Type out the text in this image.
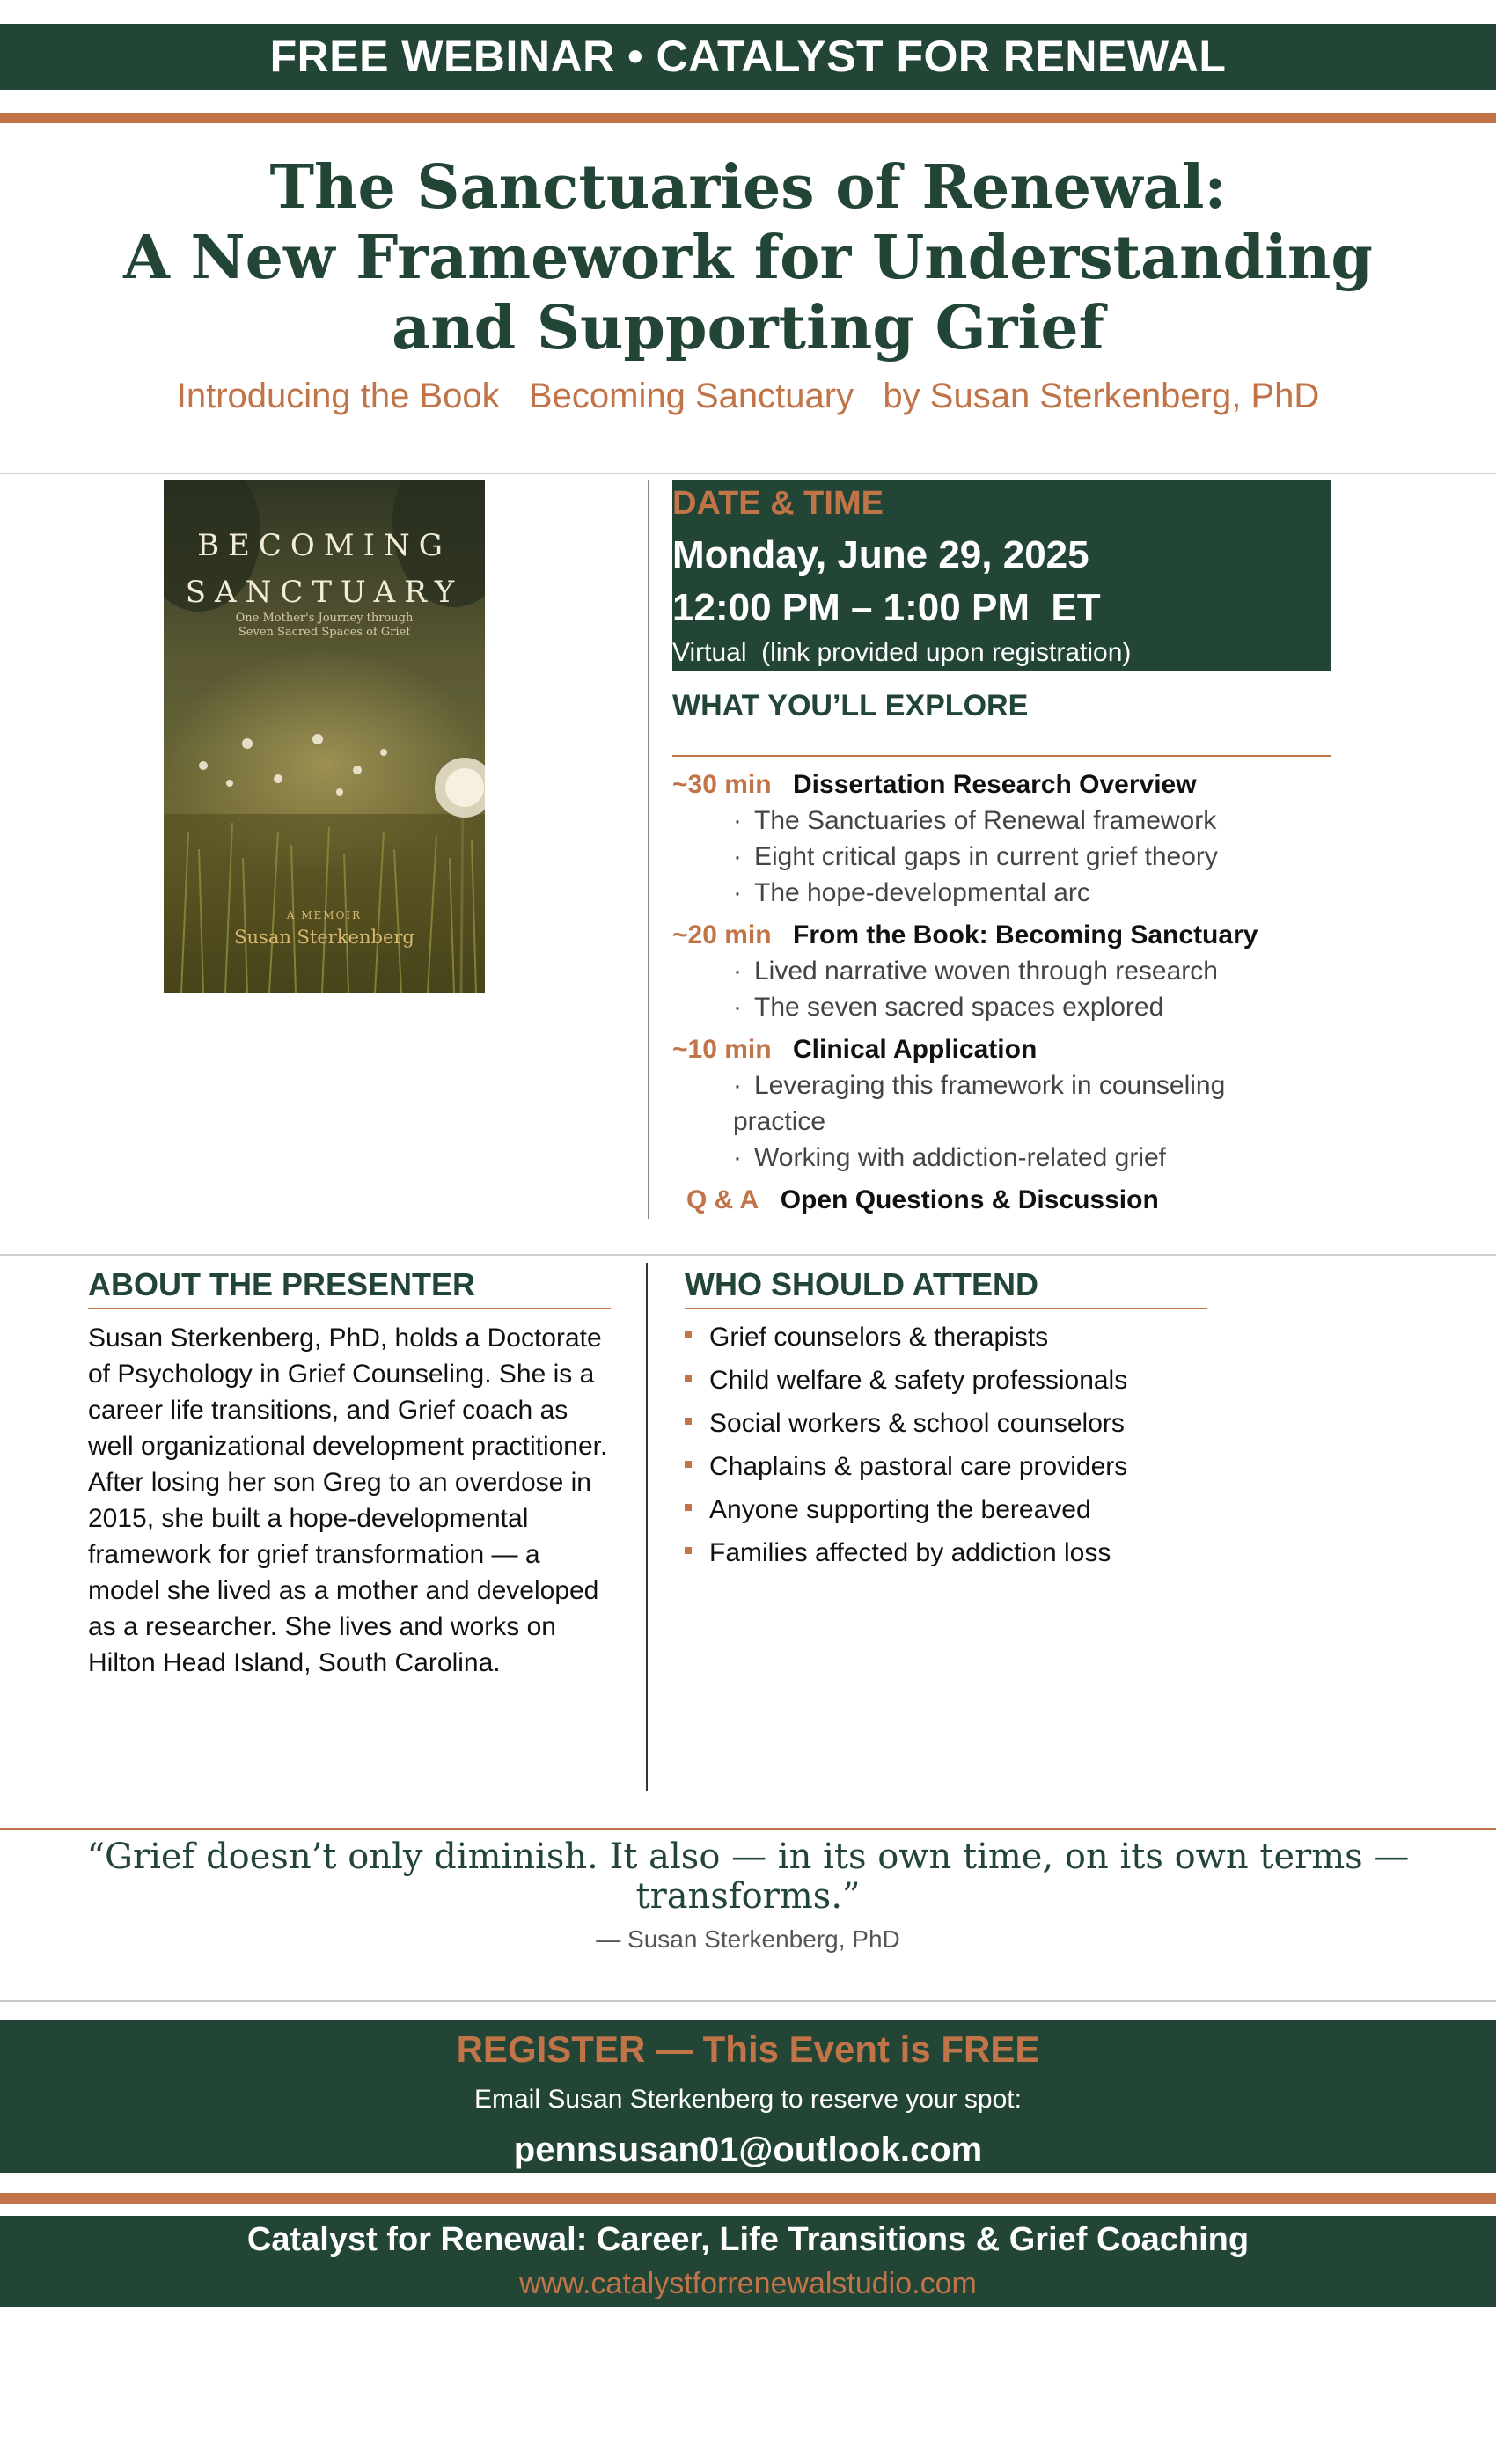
FREE WEBINAR • CATALYST FOR RENEWAL
The Sanctuaries of Renewal:
A New Framework for Understanding
and Supporting Grief
Introducing the Book   Becoming Sanctuary   by Susan Sterkenberg, PhD
BECOMING
SANCTUARY
One Mother's Journey through Seven Sacred Spaces of Grief
A MEMOIR
Susan Sterkenberg
DATE & TIME
Monday, June 29, 2025
12:00 PM – 1:00 PM  ET
Virtual  (link provided upon registration)
WHAT YOU’LL EXPLORE
~30 min Dissertation Research Overview
· The Sanctuaries of Renewal framework
· Eight critical gaps in current grief theory
· The hope-developmental arc
~20 min From the Book: Becoming Sanctuary
· Lived narrative woven through research
· The seven sacred spaces explored
~10 min Clinical Application
· Leveraging this framework in counseling practice
· Working with addiction-related grief
Q & A Open Questions & Discussion
ABOUT THE PRESENTER
Susan Sterkenberg, PhD, holds a Doctorate of Psychology in Grief Counseling. She is a career life transitions, and Grief coach as well organizational development practitioner. After losing her son Greg to an overdose in 2015, she built a hope-developmental framework for grief transformation — a model she lived as a mother and developed as a researcher. She lives and works on Hilton Head Island, South Carolina.
WHO SHOULD ATTEND
Grief counselors & therapists
Child welfare & safety professionals
Social workers & school counselors
Chaplains & pastoral care providers
Anyone supporting the bereaved
Families affected by addiction loss
“Grief doesn’t only diminish. It also — in its own time, on its own terms — transforms.”
— Susan Sterkenberg, PhD
REGISTER — This Event is FREE
Email Susan Sterkenberg to reserve your spot:
pennsusan01@outlook.com
Catalyst for Renewal: Career, Life Transitions & Grief Coaching
www.catalystforrenewalstudio.com
